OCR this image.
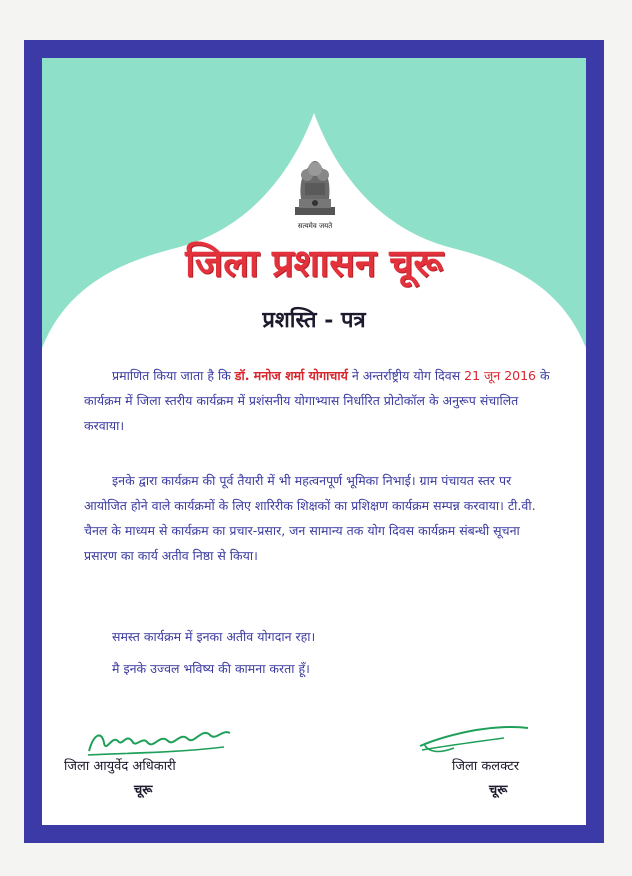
सत्यमेव जयते
जिला प्रशासन चूरू
प्रशस्ति - पत्र
प्रमाणित किया जाता है कि डॉ. मनोज शर्मा योगाचार्य ने अन्तर्राष्ट्रीय योग दिवस 21 जून 2016 के कार्यक्रम में जिला स्तरीय कार्यक्रम में प्रशंसनीय योगाभ्यास निर्धारित प्रोटोकॉल के अनुरूप संचालित करवाया।
इनके द्वारा कार्यक्रम की पूर्व तैयारी में भी महत्वनपूर्ण भूमिका निभाई। ग्राम पंचायत स्तर पर आयोजित होने वाले कार्यक्रमों के लिए शारिरीक शिक्षकों का प्रशिक्षण कार्यक्रम सम्पन्न करवाया। टी.वी. चैनल के माध्यम से कार्यक्रम का प्रचार-प्रसार, जन सामान्य तक योग दिवस कार्यक्रम संबन्धी सूचना प्रसारण का कार्य अतीव निष्ठा से किया।
समस्त कार्यक्रम में इनका अतीव योगदान रहा।
मै इनके उज्वल भविष्य की कामना करता हूँ।
जिला आयुर्वेद अधिकारी
चूरू
जिला कलक्टर
चूरू
